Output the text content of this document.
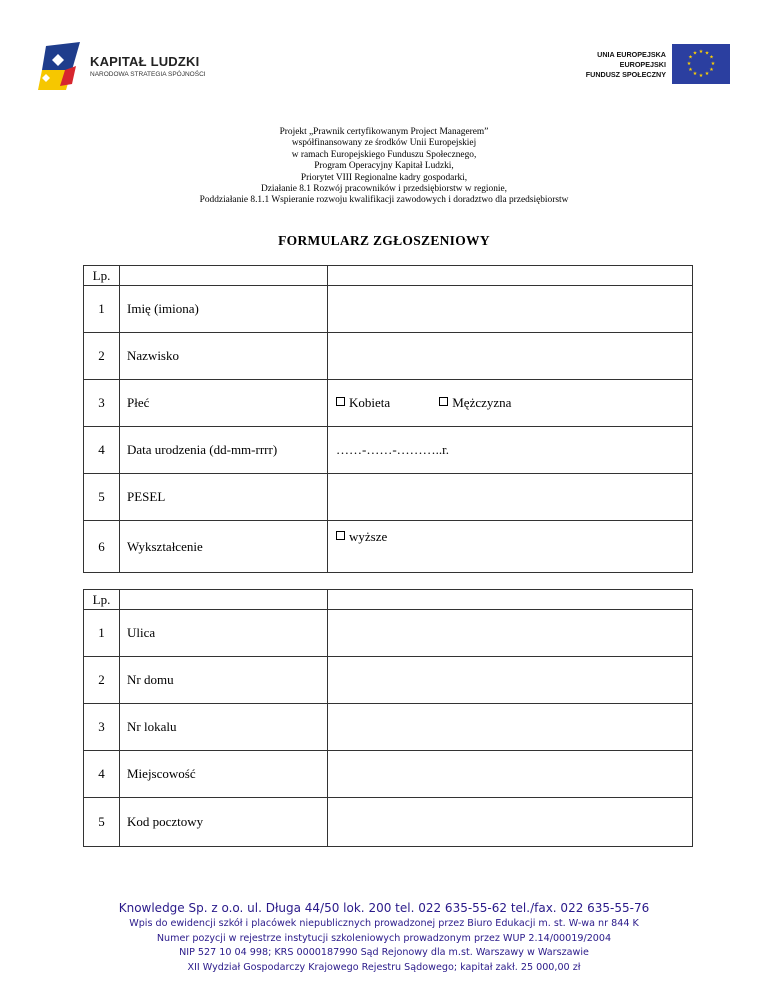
KAPITAŁ LUDZKI
NARODOWA STRATEGIA SPÓJNOŚCI
UNIA EUROPEJSKA
EUROPEJSKI
FUNDUSZ SPOŁECZNY
★ ★
★
★
★
★
★
★
★
★
★
★
Projekt „Prawnik certyfikowanym Project Managerem”
współfinansowany ze środków Unii Europejskiej
w ramach Europejskiego Funduszu Społecznego,
Program Operacyjny Kapitał Ludzki,
Priorytet VIII Regionalne kadry gospodarki,
Działanie 8.1 Rozwój pracowników i przedsiębiorstw w regionie,
Poddziałanie 8.1.1 Wspieranie rozwoju kwalifikacji zawodowych i doradztwo dla przedsiębiorstw
FORMULARZ ZGŁOSZENIOWY
Lp.		
1	Imię (imiona)	
2	Nazwisko	
3	Płeć	Kobieta Mężczyzna
4	Data urodzenia (dd-mm-rrrr)	……-……-………..r.
5	PESEL	
6	Wykształcenie	wyższe
Lp.		
1	Ulica	
2	Nr domu	
3	Nr lokalu	
4	Miejscowość	
5	Kod pocztowy	
Knowledge Sp. z o.o. ul. Długa 44/50 lok. 200 tel. 022 635-55-62 tel./fax. 022 635-55-76
Wpis do ewidencji szkół i placówek niepublicznych prowadzonej przez Biuro Edukacji m. st. W-wa nr 844 K
Numer pozycji w rejestrze instytucji szkoleniowych prowadzonym przez WUP 2.14/00019/2004
NIP 527 10 04 998; KRS 0000187990 Sąd Rejonowy dla m.st. Warszawy w Warszawie
XII Wydział Gospodarczy Krajowego Rejestru Sądowego; kapitał zakł. 25 000,00 zł
